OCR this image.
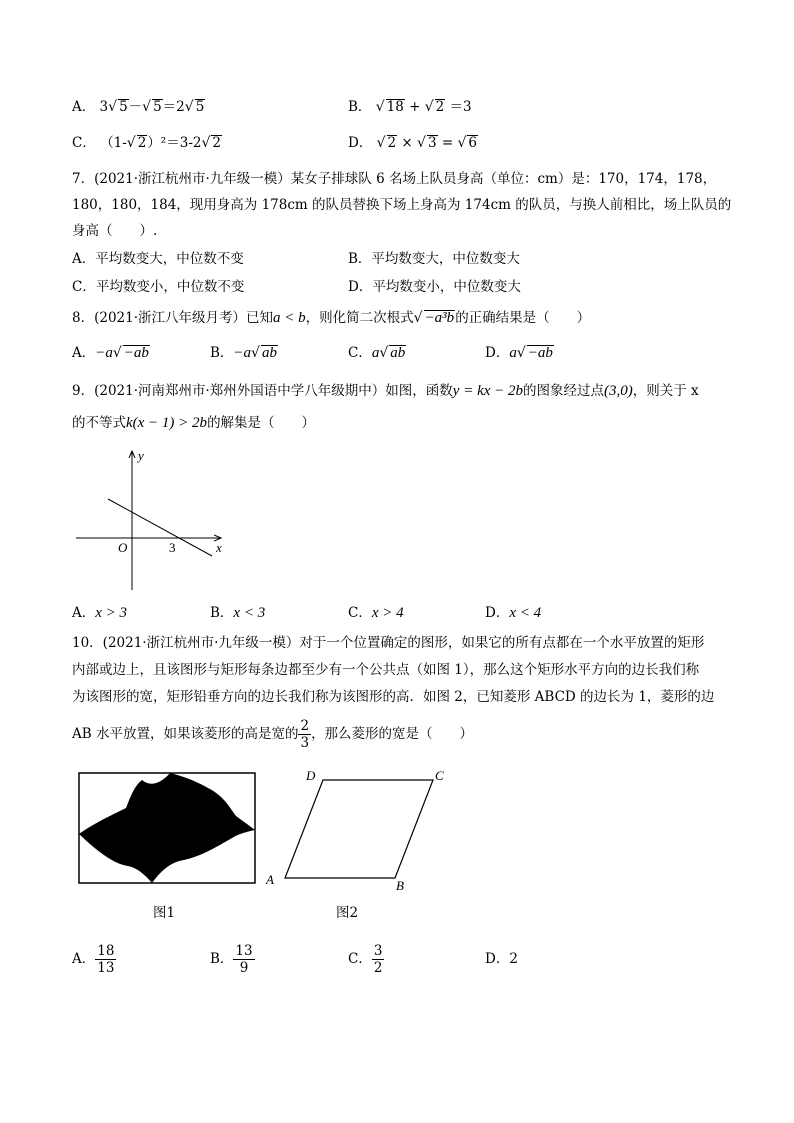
A． 3√ 5－√ 5＝2√ 5	B． √ 18 + √ 2 ＝3
C． （1-√ 2）²＝3-2√ 2	D． √ 2 × √ 3 = √ 6
7．(2021·浙江杭州市·九年级一模）某女子排球队 6 名场上队员身高（单位：cm）是：170，174，178，
180，180，184，现用身高为 178cm 的队员替换下场上身高为 174cm 的队员，与换人前相比，场上队员的
身高（　　）.
A．平均数变大，中位数不变	B．平均数变大，中位数变大
C．平均数变小，中位数不变	D．平均数变小，中位数变大
8．(2021·浙江八年级月考）已知a < b，则化简二次根式√ −a³b的正确结果是（　　）
A．−a√ −ab	B．−a√ ab	C．a√ ab	D．a√ −ab
9．(2021·河南郑州市·郑州外国语中学八年级期中）如图，函数y = kx − 2b的图象经过点(3,0)，则关于 x
的不等式k(x − 1) > 2b的解集是（　　）
y
x
O	3
A．x > 3	B．x < 3	C．x > 4	D．x < 4
10．(2021·浙江杭州市·九年级一模）对于一个位置确定的图形，如果它的所有点都在一个水平放置的矩形
内部或边上，且该图形与矩形每条边都至少有一个公共点（如图 1），那么这个矩形水平方向的边长我们称
为该图形的宽，矩形铅垂方向的边长我们称为该图形的高．如图 2，已知菱形 ABCD 的边长为 1，菱形的边
AB 水平放置，如果该菱形的高是宽的 $\frac{2}{3}$ ，那么菱形的宽是（　　）
图1
A	B
C
D
图2
A． $\frac{18}{13}$	B． $\frac{13}{9}$	C． $\frac{3}{2}$	D．2
